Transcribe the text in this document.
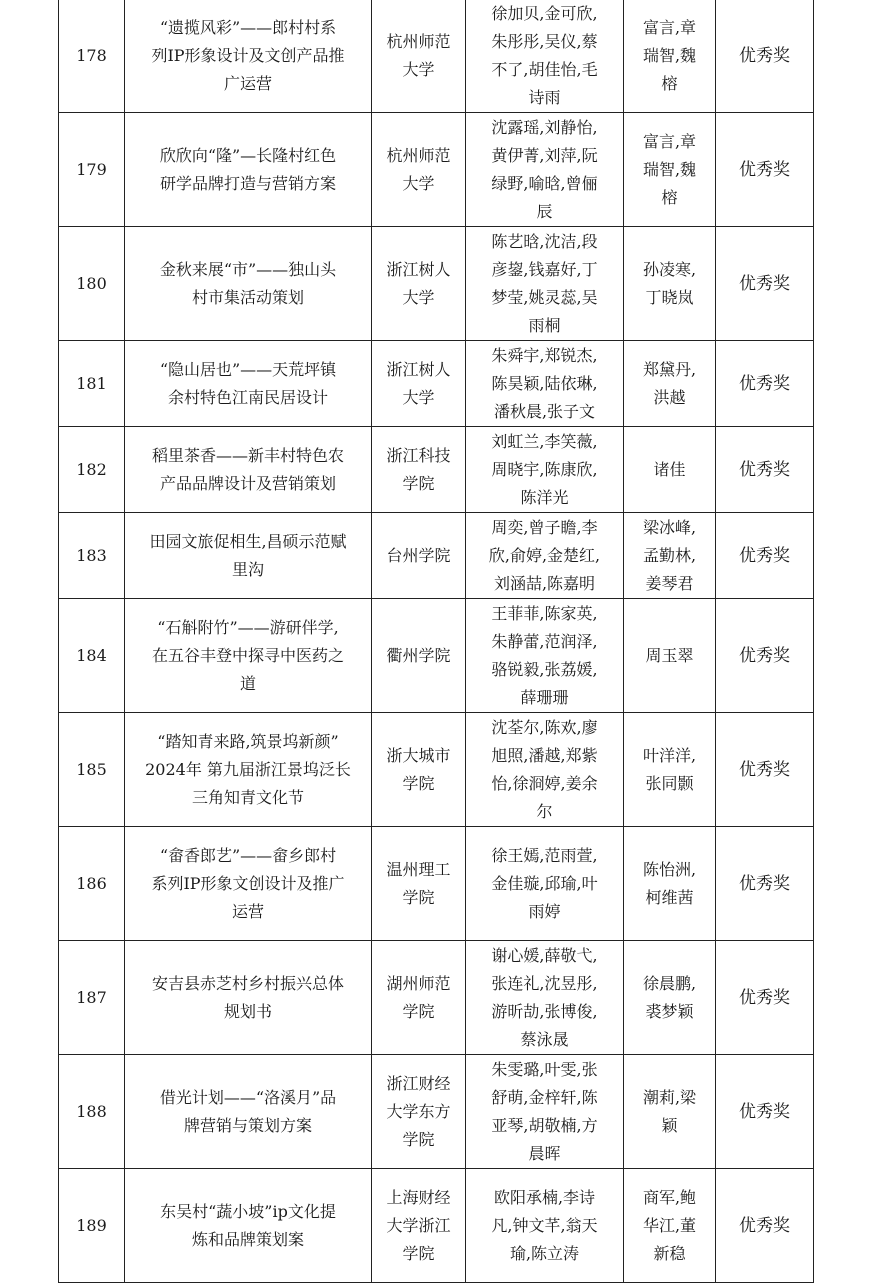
178	“遗揽风彩”——郎村村系
列IP形象设计及文创产品推
广运营	杭州师范
大学	徐加贝,金可欣,
朱彤彤,吴仪,蔡
不了,胡佳怡,毛
诗雨	富言,章
瑞智,魏
榕	优秀奖

179	欣欣向“隆”—长隆村红色
研学品牌打造与营销方案	杭州师范
大学	沈露瑶,刘静怡,
黄伊菁,刘萍,阮
绿野,喻晗,曾俪
辰	富言,章
瑞智,魏
榕	优秀奖

180	金秋来展“市”——独山头
村市集活动策划	浙江树人
大学	陈艺晗,沈洁,段
彦鋆,钱嘉好,丁
梦莹,姚灵蕊,吴
雨桐	孙凌寒,
丁晓岚	优秀奖

181	“隐山居也”——天荒坪镇
余村特色江南民居设计	浙江树人
大学	朱舜宇,郑锐杰,
陈昊颖,陆依琳,
潘秋晨,张子文	郑黛丹,
洪越	优秀奖

182	稻里茶香——新丰村特色农
产品品牌设计及营销策划	浙江科技
学院	刘虹兰,李笑薇,
周晓宇,陈康欣,
陈洋光	诸佳	优秀奖

183	田园文旅促相生,昌硕示范赋
里沟	台州学院	周奕,曾子瞻,李
欣,俞婷,金楚红,
刘涵喆,陈嘉明	梁冰峰,
孟勤林,
姜琴君	优秀奖

184	“石斛附竹”——游研伴学,
在五谷丰登中探寻中医药之
道	衢州学院	王菲菲,陈家英,
朱静蕾,范润泽,
骆锐毅,张荔媛,
薛珊珊	周玉翠	优秀奖

185	“踏知青来路,筑景坞新颜”
2024年 第九届浙江景坞泛长
三角知青文化节	浙大城市
学院	沈荃尔,陈欢,廖
旭照,潘越,郑紫
怡,徐浻婷,姜余
尔	叶洋洋,
张同颢	优秀奖

186	“畲香郎艺”——畲乡郎村
系列IP形象文创设计及推广
运营	温州理工
学院	徐王嫣,范雨萱,
金佳璇,邱瑜,叶
雨婷	陈怡洲,
柯维茜	优秀奖

187	安吉县赤芝村乡村振兴总体
规划书	湖州师范
学院	谢心媛,薛敬弋,
张连礼,沈昱彤,
游昕劼,张博俊,
蔡泳晟	徐晨鹏,
裘梦颖	优秀奖

188	借光计划——“洛溪月”品
牌营销与策划方案	浙江财经
大学东方
学院	朱雯璐,叶雯,张
舒萌,金梓轩,陈
亚琴,胡敬楠,方
晨晖	潮莉,梁
颖	优秀奖

189	东吴村“蔬小坡”ip文化提
炼和品牌策划案	上海财经
大学浙江
学院	欧阳承楠,李诗
凡,钟文芊,翁天
瑜,陈立涛	商军,鲍
华江,董
新稳	优秀奖
